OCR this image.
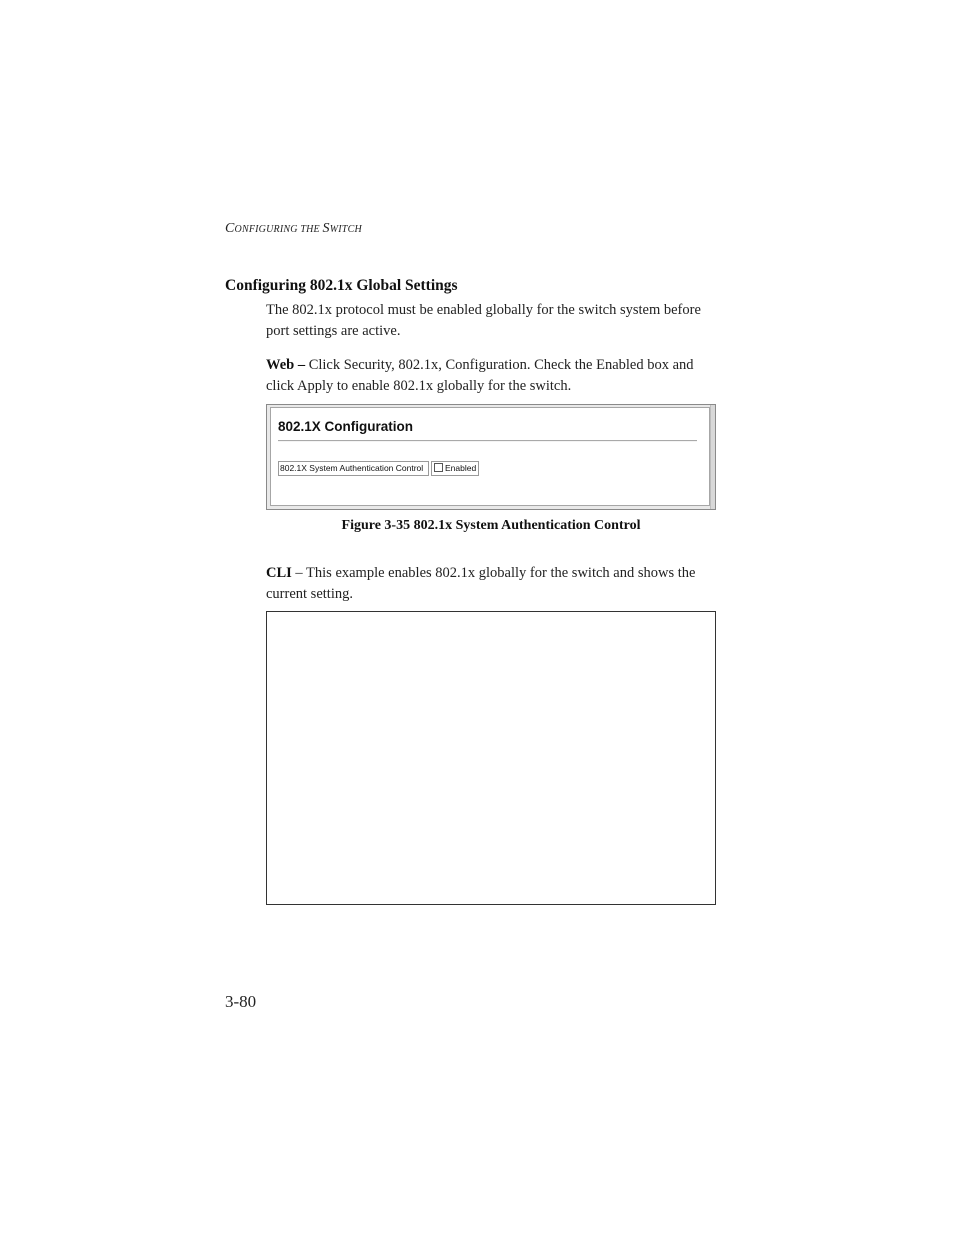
CONFIGURING THE SWITCH
Configuring 802.1x Global Settings
The 802.1x protocol must be enabled globally for the switch system before port settings are active.
Web – Click Security, 802.1x, Configuration. Check the Enabled box and click Apply to enable 802.1x globally for the switch.
802.1X Configuration
802.1X System Authentication Control	Enabled
Figure 3-35 802.1x System Authentication Control
CLI – This example enables 802.1x globally for the switch and shows the current setting.
3-80
